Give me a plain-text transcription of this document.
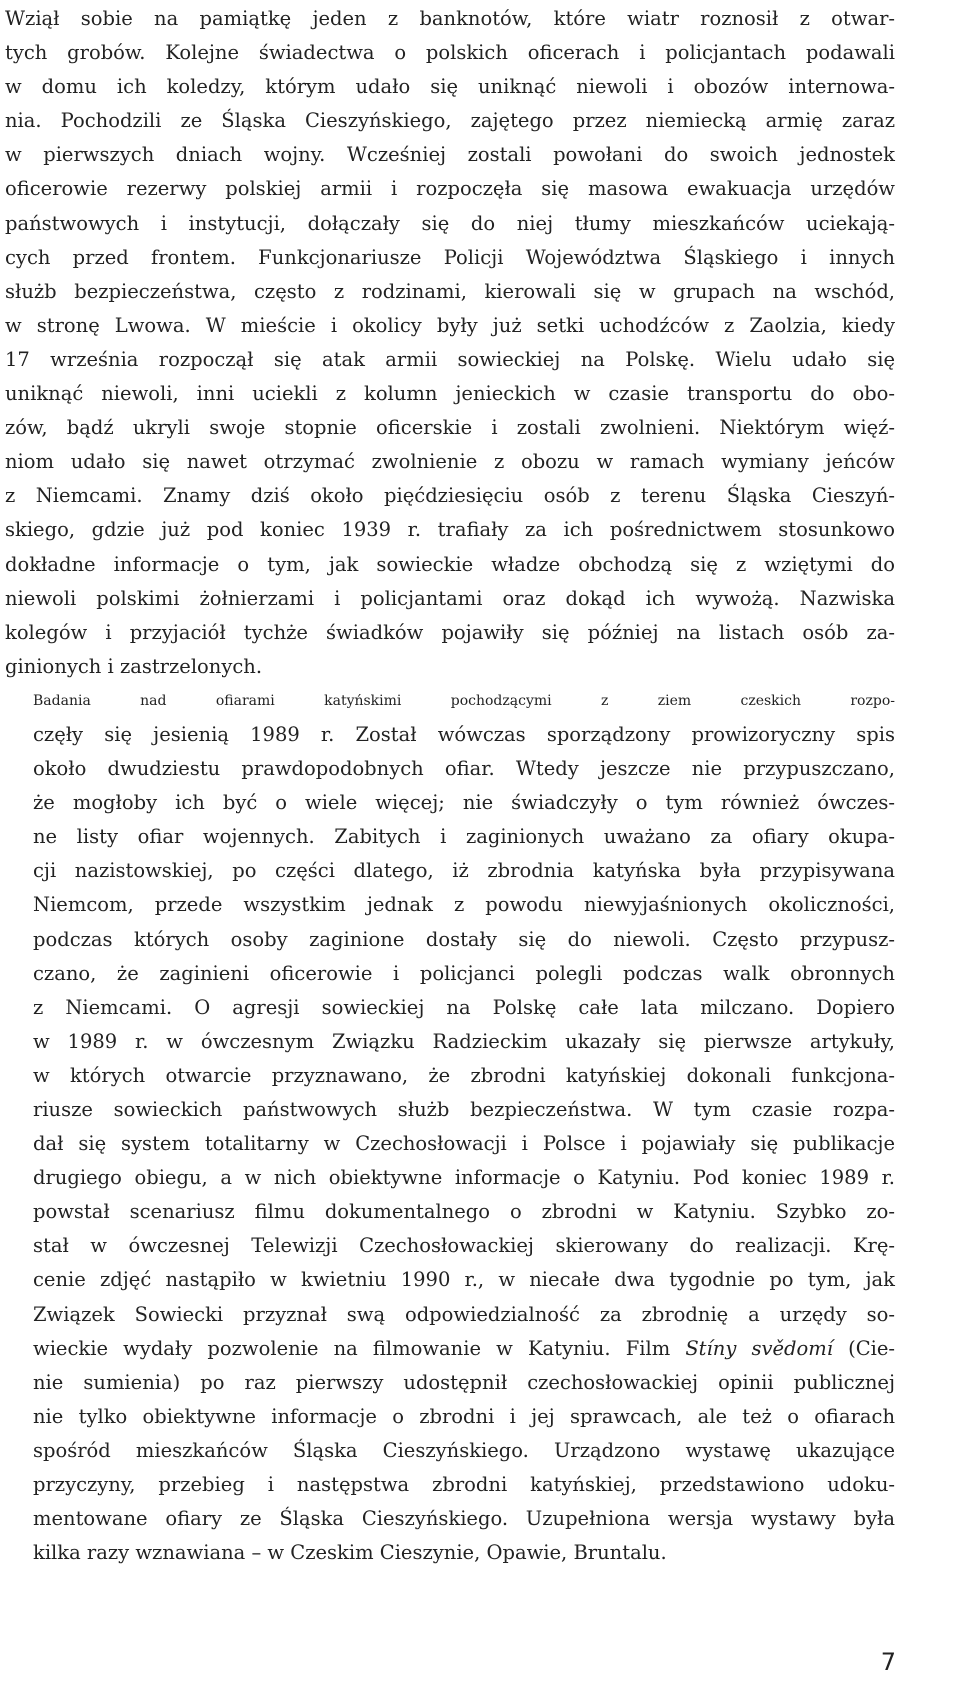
Wziął sobie na pamiątkę jeden z banknotów, które wiatr roznosił z otwar-
tych grobów. Kolejne świadectwa o polskich oficerach i policjantach podawali
w domu ich koledzy, którym udało się uniknąć niewoli i obozów internowa-
nia. Pochodzili ze Śląska Cieszyńskiego, zajętego przez niemiecką armię zaraz
w pierwszych dniach wojny. Wcześniej zostali powołani do swoich jednostek
oficerowie rezerwy polskiej armii i rozpoczęła się masowa ewakuacja urzędów
państwowych i instytucji, dołączały się do niej tłumy mieszkańców uciekają-
cych przed frontem. Funkcjonariusze Policji Województwa Śląskiego i innych
służb bezpieczeństwa, często z rodzinami, kierowali się w grupach na wschód,
w stronę Lwowa. W mieście i okolicy były już setki uchodźców z Zaolzia, kiedy
17 września rozpoczął się atak armii sowieckiej na Polskę. Wielu udało się
uniknąć niewoli, inni uciekli z kolumn jenieckich w czasie transportu do obo-
zów, bądź ukryli swoje stopnie oficerskie i zostali zwolnieni. Niektórym więź-
niom udało się nawet otrzymać zwolnienie z obozu w ramach wymiany jeńców
z Niemcami. Znamy dziś około pięćdziesięciu osób z terenu Śląska Cieszyń-
skiego, gdzie już pod koniec 1939 r. trafiały za ich pośrednictwem stosunkowo
dokładne informacje o tym, jak sowieckie władze obchodzą się z wziętymi do
niewoli polskimi żołnierzami i policjantami oraz dokąd ich wywożą. Nazwiska
kolegów i przyjaciół tychże świadków pojawiły się później na listach osób za-
ginionych i zastrzelonych.

Badania nad ofiarami katyńskimi pochodzącymi z ziem czeskich rozpo-
częły się jesienią 1989 r. Został wówczas sporządzony prowizoryczny spis
około dwudziestu prawdopodobnych ofiar. Wtedy jeszcze nie przypuszczano,
że mogłoby ich być o wiele więcej; nie świadczyły o tym również ówczes-
ne listy ofiar wojennych. Zabitych i zaginionych uważano za ofiary okupa-
cji nazistowskiej, po części dlatego, iż zbrodnia katyńska była przypisywana
Niemcom, przede wszystkim jednak z powodu niewyjaśnionych okoliczności,
podczas których osoby zaginione dostały się do niewoli. Często przypusz-
czano, że zaginieni oficerowie i policjanci polegli podczas walk obronnych
z Niemcami. O agresji sowieckiej na Polskę całe lata milczano. Dopiero
w 1989 r. w ówczesnym Związku Radzieckim ukazały się pierwsze artykuły,
w których otwarcie przyznawano, że zbrodni katyńskiej dokonali funkcjona-
riusze sowieckich państwowych służb bezpieczeństwa. W tym czasie rozpa-
dał się system totalitarny w Czechosłowacji i Polsce i pojawiały się publikacje
drugiego obiegu, a w nich obiektywne informacje o Katyniu. Pod koniec 1989 r.
powstał scenariusz filmu dokumentalnego o zbrodni w Katyniu. Szybko zo-
stał w ówczesnej Telewizji Czechosłowackiej skierowany do realizacji. Krę-
cenie zdjęć nastąpiło w kwietniu 1990 r., w niecałe dwa tygodnie po tym, jak
Związek Sowiecki przyznał swą odpowiedzialność za zbrodnię a urzędy so-
wieckie wydały pozwolenie na filmowanie w Katyniu. Film Stíny svědomí (Cie-
nie sumienia) po raz pierwszy udostępnił czechosłowackiej opinii publicznej
nie tylko obiektywne informacje o zbrodni i jej sprawcach, ale też o ofiarach
spośród mieszkańców Śląska Cieszyńskiego. Urządzono wystawę ukazujące
przyczyny, przebieg i następstwa zbrodni katyńskiej, przedstawiono udoku-
mentowane ofiary ze Śląska Cieszyńskiego. Uzupełniona wersja wystawy była
kilka razy wznawiana – w Czeskim Cieszynie, Opawie, Bruntalu.

7
